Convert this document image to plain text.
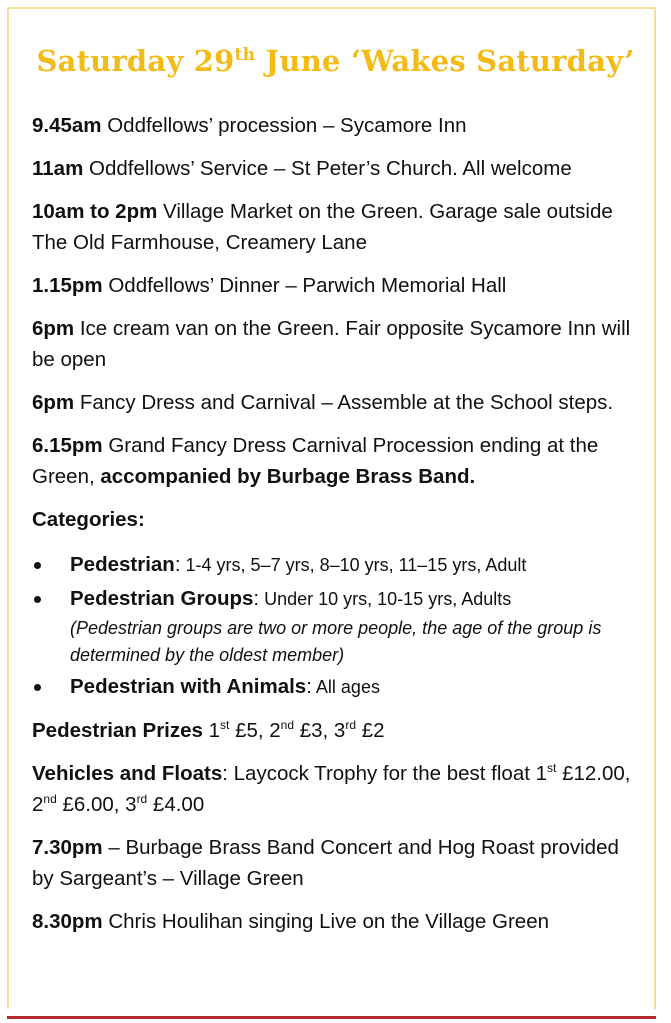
Saturday 29th June ‘Wakes Saturday’

9.45am Oddfellows’ procession – Sycamore Inn

11am Oddfellows’ Service – St Peter’s Church. All welcome

10am to 2pm Village Market on the Green. Garage sale outside The Old Farmhouse, Creamery Lane

1.15pm Oddfellows’ Dinner – Parwich Memorial Hall

6pm Ice cream van on the Green. Fair opposite Sycamore Inn will be open

6pm Fancy Dress and Carnival – Assemble at the School steps.

6.15pm Grand Fancy Dress Carnival Procession ending at the Green, accompanied by Burbage Brass Band.

Categories:

Pedestrian: 1-4 yrs, 5–7 yrs, 8–10 yrs, 11–15 yrs, Adult
Pedestrian Groups: Under 10 yrs, 10-15 yrs, Adults
(Pedestrian groups are two or more people, the age of the group is determined by the oldest member)
Pedestrian with Animals: All ages

Pedestrian Prizes 1st £5, 2nd £3, 3rd £2

Vehicles and Floats: Laycock Trophy for the best float 1st £12.00, 2nd £6.00, 3rd £4.00

7.30pm – Burbage Brass Band Concert and Hog Roast provided by Sargeant’s – Village Green

8.30pm Chris Houlihan singing Live on the Village Green
